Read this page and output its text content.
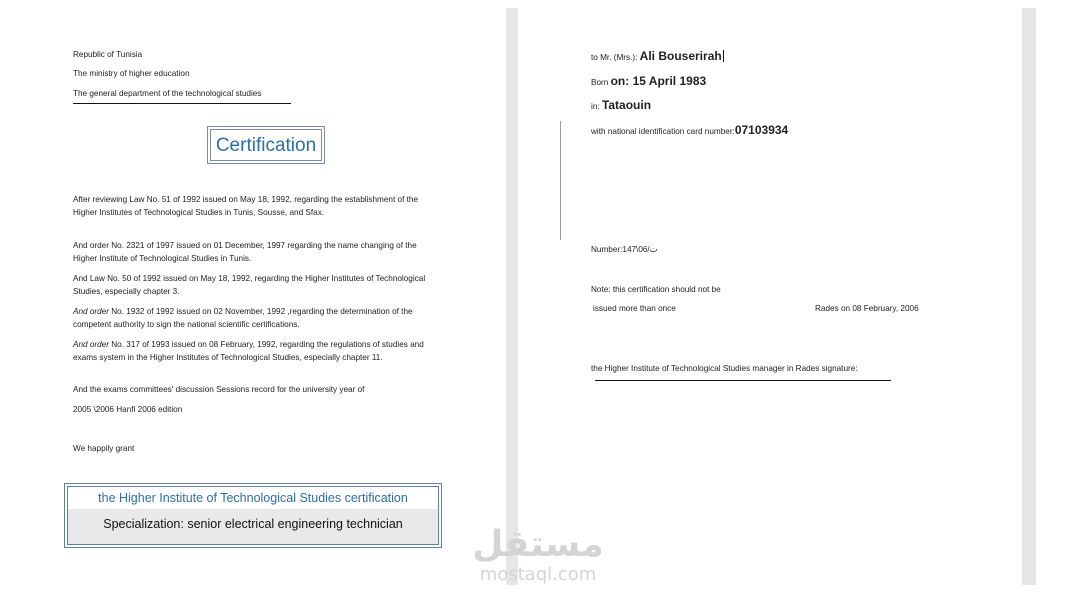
Republic of Tunisia
The ministry of higher education
The general department of the technological studies
Certification
After reviewing Law No. 51 of 1992 issued on May 18, 1992, regarding the establishment of the Higher Institutes of Technological Studies in Tunis, Sousse, and Sfax.
And order No. 2321 of 1997 issued on 01 December, 1997 regarding the name changing of the Higher Institute of Technological Studies in Tunis.
And Law No. 50 of 1992 issued on May 18, 1992, regarding the Higher Institutes of Technological Studies, especially chapter 3.
And order No. 1932 of 1992 issued on 02 November, 1992 ,regarding the determination of the competent authority to sign the national scientific certifications.
And order No. 317 of 1993 issued on 08 February, 1992, regarding the regulations of studies and exams system in the Higher Institutes of Technological Studies, especially chapter 11.
And the exams committees' discussion Sessions record for the university year of
2005 \2006 Hanfi 2006 edition
We happily grant
the Higher Institute of Technological Studies certification
Specialization: senior electrical engineering technician
to Mr. (Mrs.): Ali Bouserirah
Born on: 15 April 1983
in: Tataouin
with national identification card number:07103934
Number:147\06/ت
Note: this certification should not be
issued more than once	Rades on 08 February, 2006
the Higher Institute of Technological Studies manager in Rades signature:
مستقل
mostaql.com
